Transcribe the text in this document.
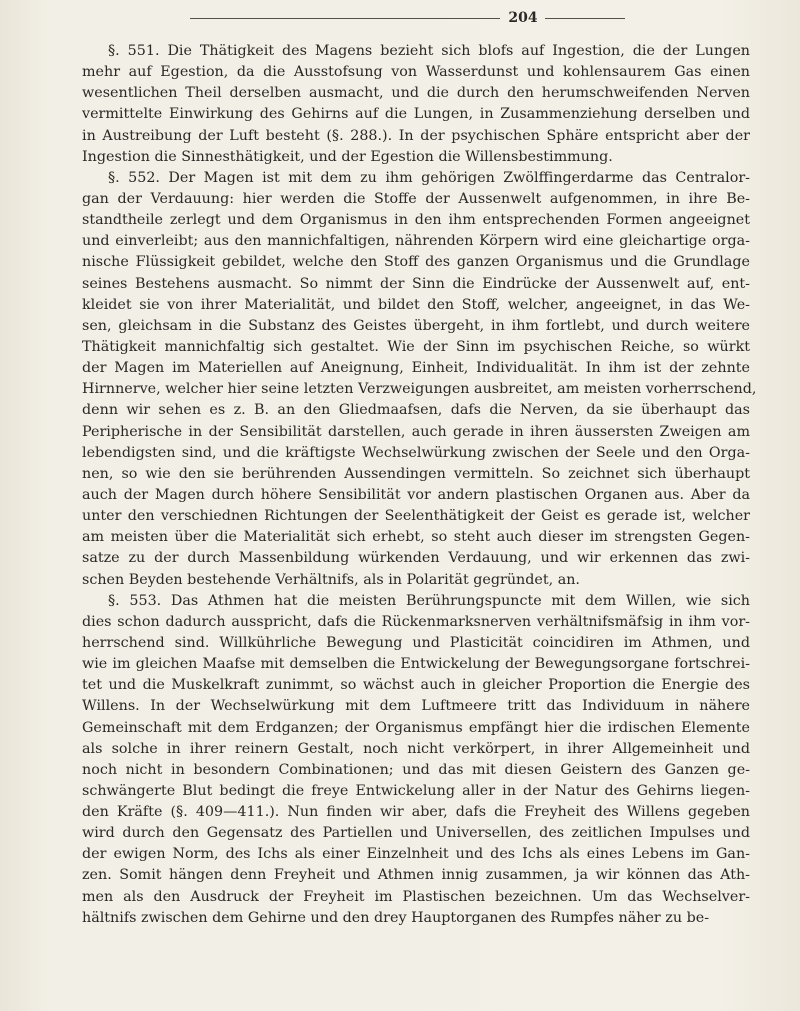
204
§. 551. Die Thätigkeit des Magens bezieht sich blofs auf Ingestion, die der Lungen
mehr auf Egestion, da die Ausstofsung von Wasserdunst und kohlensaurem Gas einen
wesentlichen Theil derselben ausmacht, und die durch den herumschweifenden Nerven
vermittelte Einwirkung des Gehirns auf die Lungen, in Zusammenziehung derselben und
in Austreibung der Luft besteht (§. 288.). In der psychischen Sphäre entspricht aber der
Ingestion die Sinnesthätigkeit, und der Egestion die Willensbestimmung.
§. 552. Der Magen ist mit dem zu ihm gehörigen Zwölffingerdarme das Centralor-
gan der Verdauung: hier werden die Stoffe der Aussenwelt aufgenommen, in ihre Be-
standtheile zerlegt und dem Organismus in den ihm entsprechenden Formen angeeignet
und einverleibt; aus den mannichfaltigen, nährenden Körpern wird eine gleichartige orga-
nische Flüssigkeit gebildet, welche den Stoff des ganzen Organismus und die Grundlage
seines Bestehens ausmacht. So nimmt der Sinn die Eindrücke der Aussenwelt auf, ent-
kleidet sie von ihrer Materialität, und bildet den Stoff, welcher, angeeignet, in das We-
sen, gleichsam in die Substanz des Geistes übergeht, in ihm fortlebt, und durch weitere
Thätigkeit mannichfaltig sich gestaltet. Wie der Sinn im psychischen Reiche, so würkt
der Magen im Materiellen auf Aneignung, Einheit, Individualität. In ihm ist der zehnte
Hirnnerve, welcher hier seine letzten Verzweigungen ausbreitet, am meisten vorherrschend,
denn wir sehen es z. B. an den Gliedmaafsen, dafs die Nerven, da sie überhaupt das
Peripherische in der Sensibilität darstellen, auch gerade in ihren äussersten Zweigen am
lebendigsten sind, und die kräftigste Wechselwürkung zwischen der Seele und den Orga-
nen, so wie den sie berührenden Aussendingen vermitteln. So zeichnet sich überhaupt
auch der Magen durch höhere Sensibilität vor andern plastischen Organen aus. Aber da
unter den verschiednen Richtungen der Seelenthätigkeit der Geist es gerade ist, welcher
am meisten über die Materialität sich erhebt, so steht auch dieser im strengsten Gegen-
satze zu der durch Massenbildung würkenden Verdauung, und wir erkennen das zwi-
schen Beyden bestehende Verhältnifs, als in Polarität gegründet, an.
§. 553. Das Athmen hat die meisten Berührungspuncte mit dem Willen, wie sich
dies schon dadurch ausspricht, dafs die Rückenmarksnerven verhältnifsmäfsig in ihm vor-
herrschend sind. Willkührliche Bewegung und Plasticität coincidiren im Athmen, und
wie im gleichen Maafse mit demselben die Entwickelung der Bewegungsorgane fortschrei-
tet und die Muskelkraft zunimmt, so wächst auch in gleicher Proportion die Energie des
Willens. In der Wechselwürkung mit dem Luftmeere tritt das Individuum in nähere
Gemeinschaft mit dem Erdganzen; der Organismus empfängt hier die irdischen Elemente
als solche in ihrer reinern Gestalt, noch nicht verkörpert, in ihrer Allgemeinheit und
noch nicht in besondern Combinationen; und das mit diesen Geistern des Ganzen ge-
schwängerte Blut bedingt die freye Entwickelung aller in der Natur des Gehirns liegen-
den Kräfte (§. 409—411.). Nun finden wir aber, dafs die Freyheit des Willens gegeben
wird durch den Gegensatz des Partiellen und Universellen, des zeitlichen Impulses und
der ewigen Norm, des Ichs als einer Einzelnheit und des Ichs als eines Lebens im Gan-
zen. Somit hängen denn Freyheit und Athmen innig zusammen, ja wir können das Ath-
men als den Ausdruck der Freyheit im Plastischen bezeichnen. Um das Wechselver-
hältnifs zwischen dem Gehirne und den drey Hauptorganen des Rumpfes näher zu be-
